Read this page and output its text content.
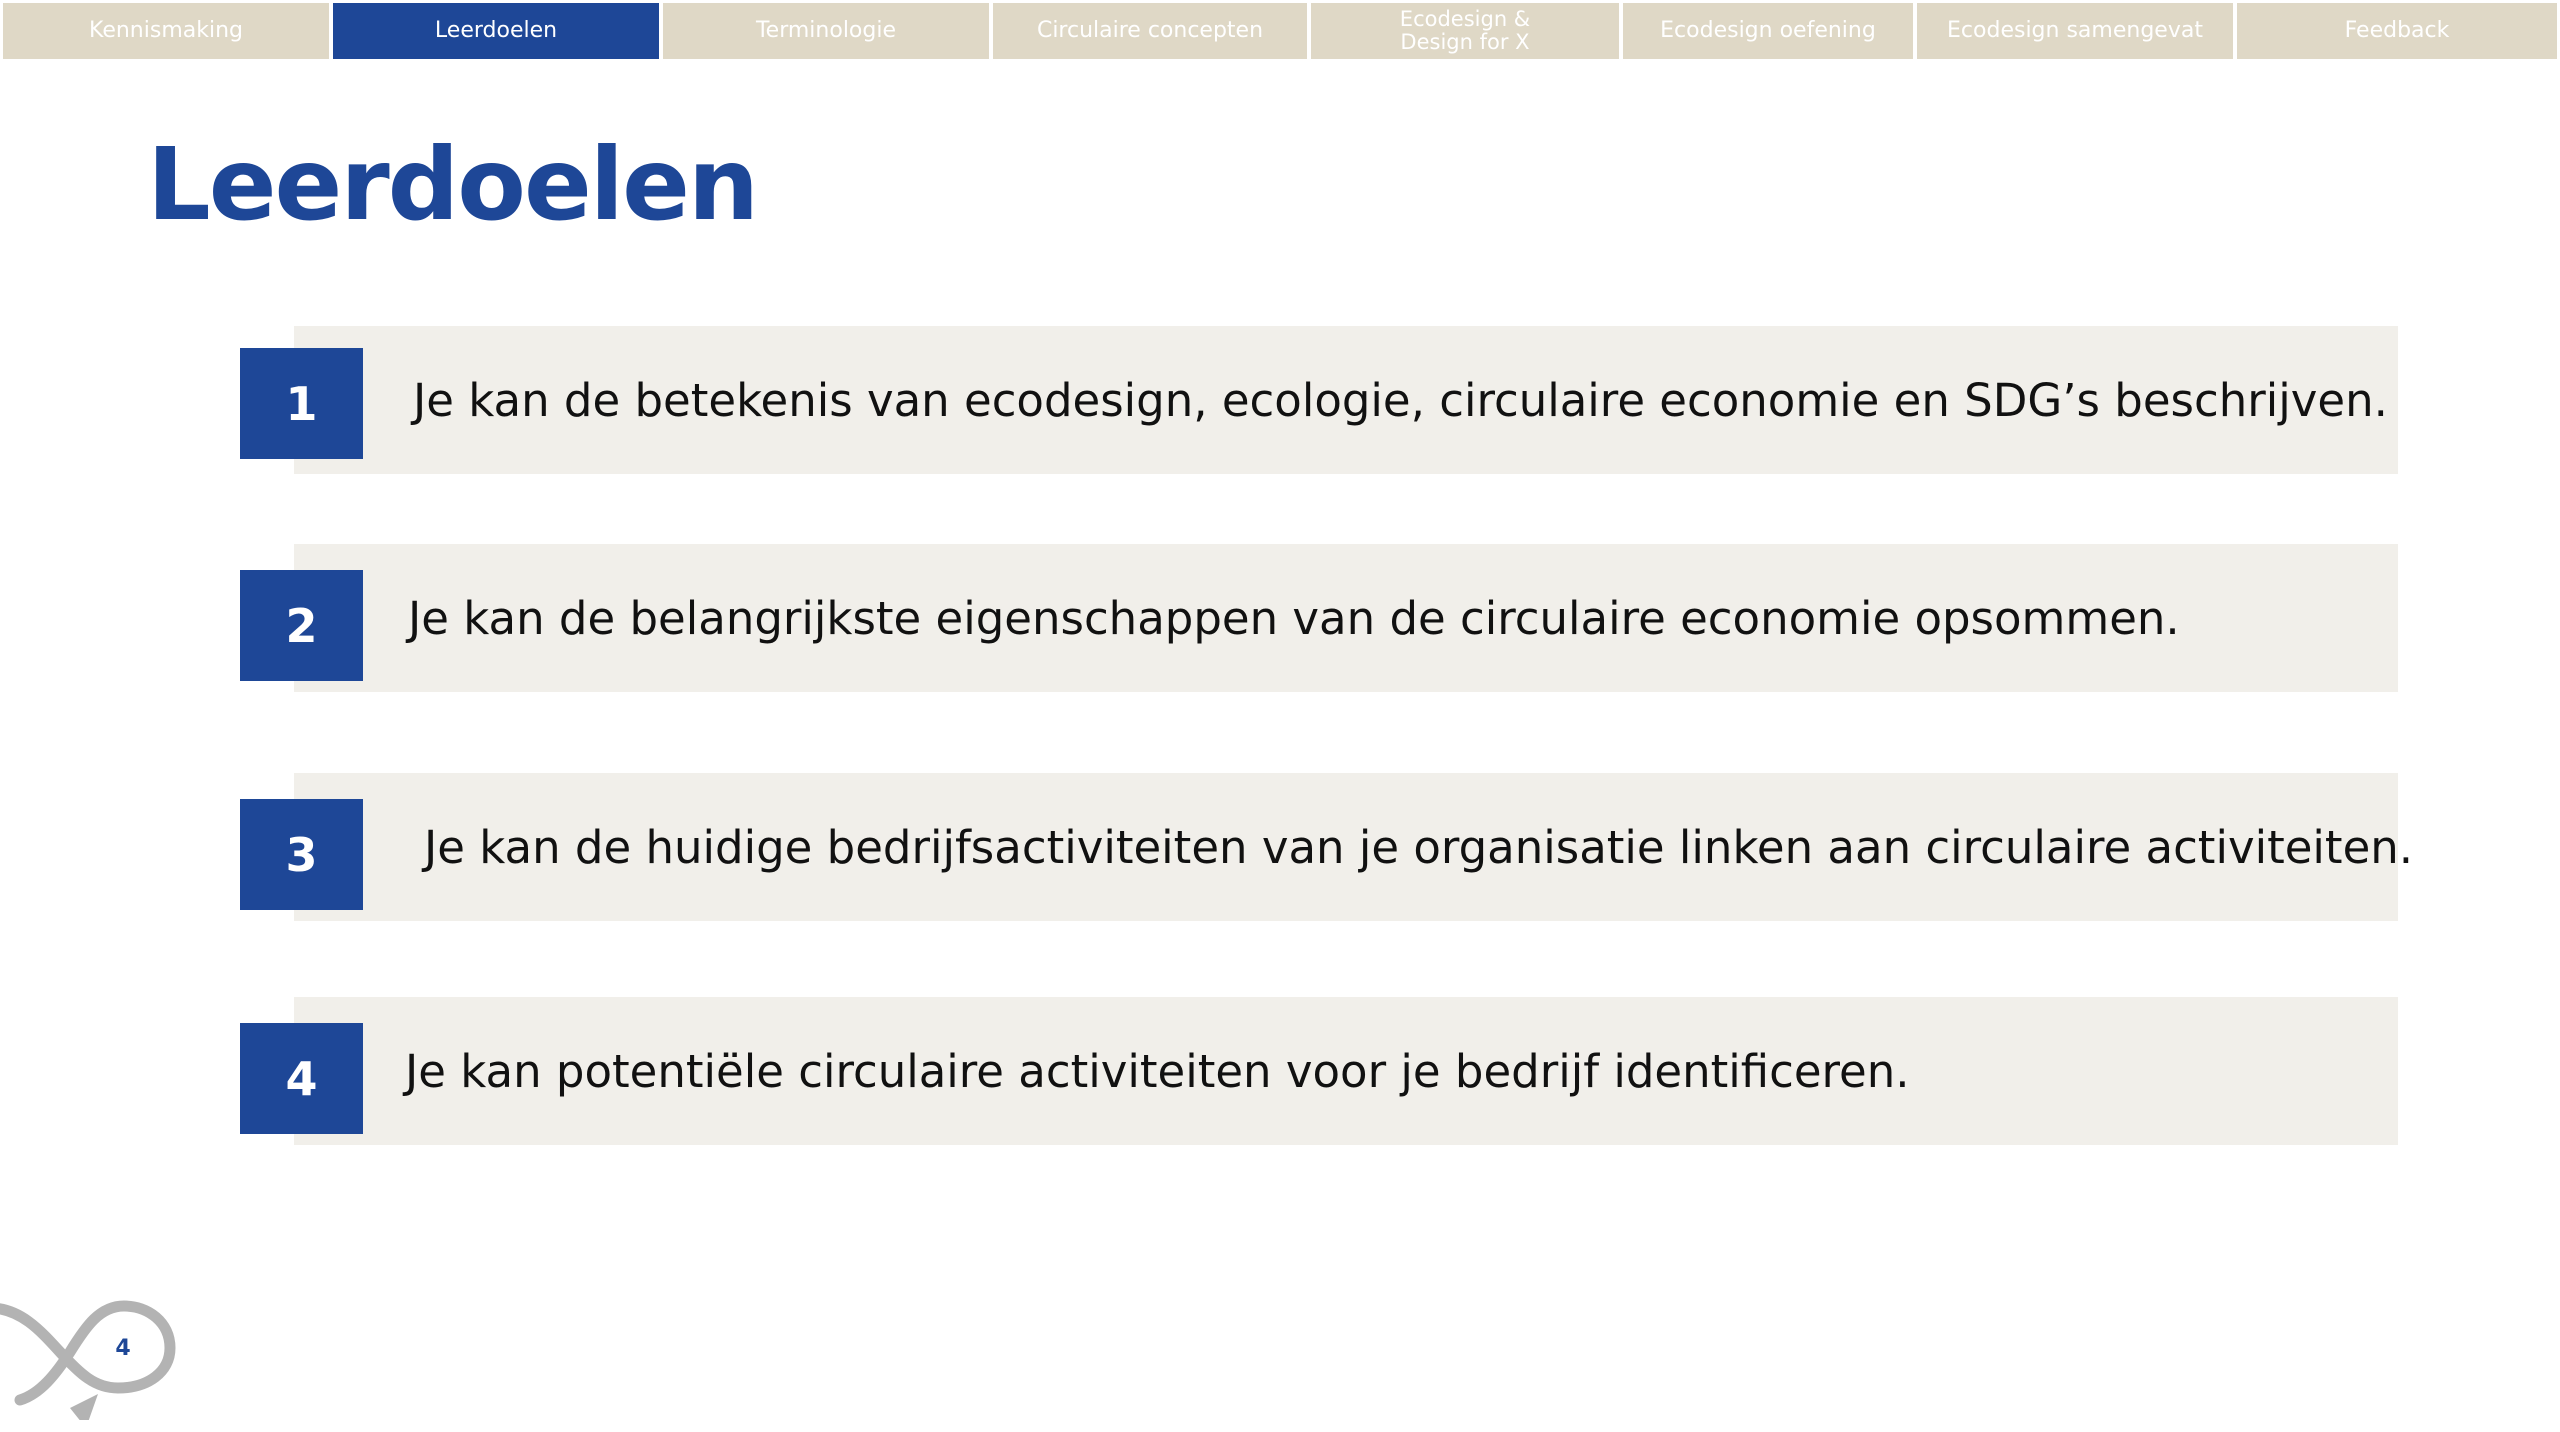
Kennismaking	Leerdoelen	Terminologie	Circulaire concepten	Ecodesign &
Design for X	Ecodesign oefening	Ecodesign samengevat	Feedback
Leerdoelen
1	Je kan de betekenis van ecodesign, ecologie, circulaire economie en SDG’s beschrijven.
2	Je kan de belangrijkste eigenschappen van de circulaire economie opsommen.
3	Je kan de huidige bedrijfsactiviteiten van je organisatie linken aan circulaire activiteiten.
4	Je kan potentiële circulaire activiteiten voor je bedrijf identificeren.
4
